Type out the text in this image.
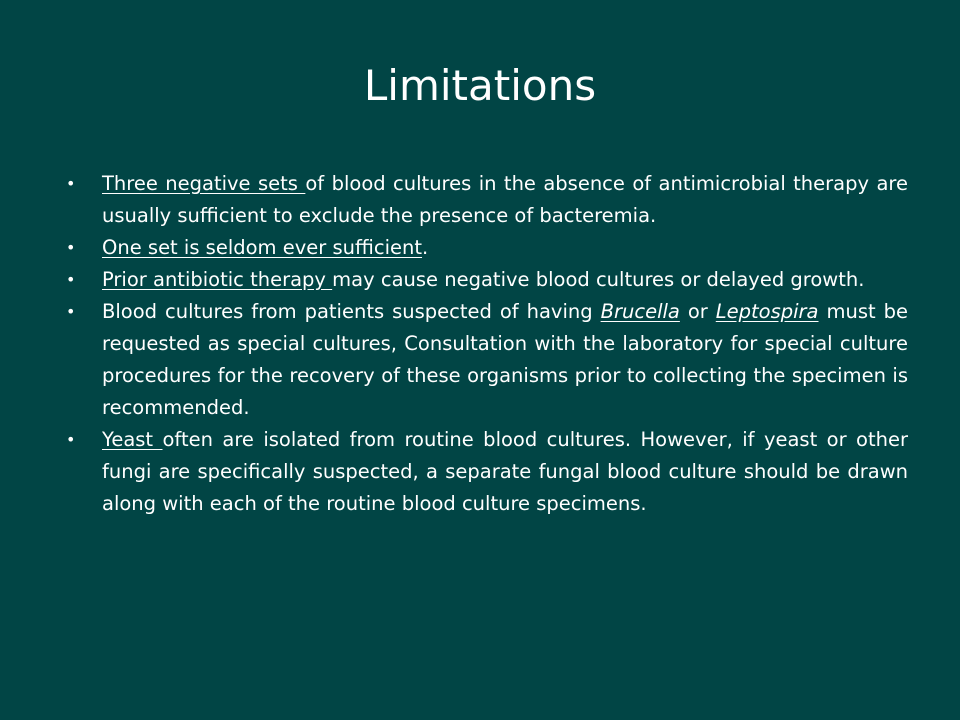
Limitations
•	Three negative sets of blood cultures in the absence of antimicrobial therapy are usually sufficient to exclude the presence of bacteremia.
•	One set is seldom ever sufficient.
•	Prior antibiotic therapy may cause negative blood cultures or delayed growth.
•	Blood cultures from patients suspected of having Brucella or Leptospira must be requested as special cultures, Consultation with the laboratory for special culture procedures for the recovery of these organisms prior to collecting the specimen is recommended.
•	Yeast often are isolated from routine blood cultures. However, if yeast or other fungi are specifically suspected, a separate fungal blood culture should be drawn along with each of the routine blood culture specimens.
